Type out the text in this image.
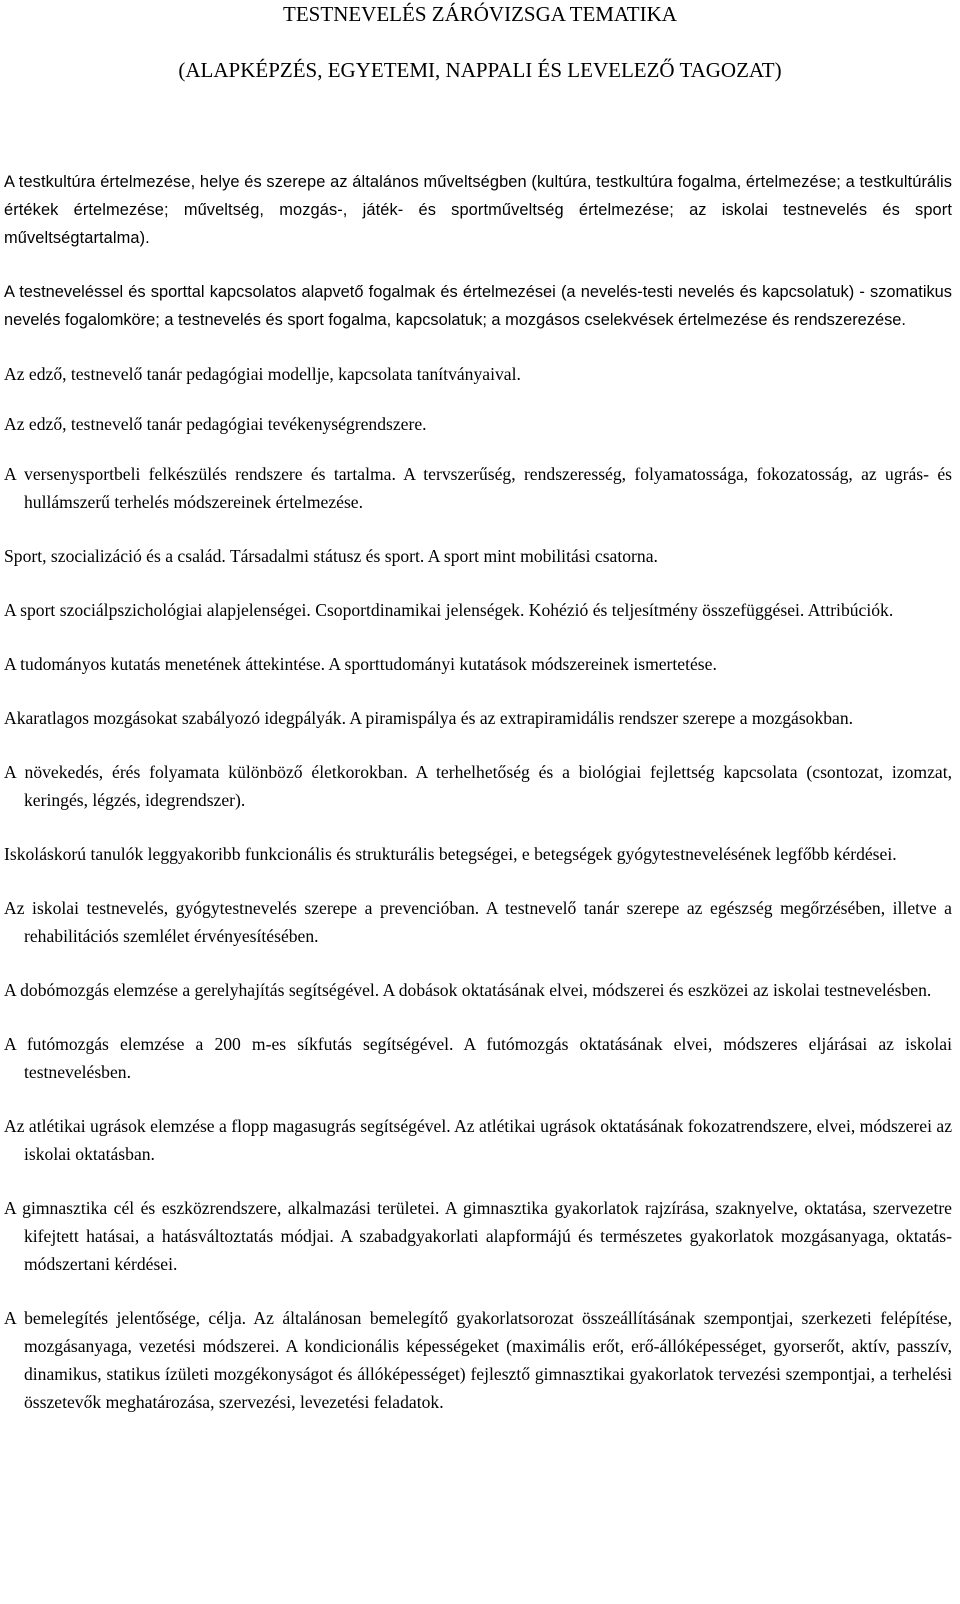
TESTNEVELÉS ZÁRÓVIZSGA TEMATIKA
(ALAPKÉPZÉS, EGYETEMI, NAPPALI ÉS LEVELEZŐ TAGOZAT)

A testkultúra értelmezése, helye és szerepe az általános műveltségben (kultúra, testkultúra fogalma, értelmezése; a testkultúrális értékek értelmezése; műveltség, mozgás-, játék- és sportműveltség értelmezése; az iskolai testnevelés és sport műveltségtartalma).

A testneveléssel és sporttal kapcsolatos alapvető fogalmak és értelmezései (a nevelés-testi nevelés és kapcsolatuk) - szomatikus nevelés fogalomköre; a testnevelés és sport fogalma, kapcsolatuk; a mozgásos cselekvések értelmezése és rendszerezése.

Az edző, testnevelő tanár pedagógiai modellje, kapcsolata tanítványaival.

Az edző, testnevelő tanár pedagógiai tevékenységrendszere.

A versenysportbeli felkészülés rendszere és tartalma. A tervszerűség, rendszeresség, folyamatossága, fokozatosság, az ugrás- és hullámszerű terhelés módszereinek értelmezése.

Sport, szocializáció és a család. Társadalmi státusz és sport. A sport mint mobilitási csatorna.

A sport szociálpszichológiai alapjelenségei. Csoportdinamikai jelenségek. Kohézió és teljesítmény összefüggései. Attribúciók.

A tudományos kutatás menetének áttekintése. A sporttudományi kutatások módszereinek ismertetése.

Akaratlagos mozgásokat szabályozó idegpályák. A piramispálya és az extrapiramidális rendszer szerepe a mozgásokban.

A növekedés, érés folyamata különböző életkorokban. A terhelhetőség és a biológiai fejlettség kapcsolata (csontozat, izomzat, keringés, légzés, idegrendszer).

Iskoláskorú tanulók leggyakoribb funkcionális és strukturális betegségei, e betegségek gyógytestnevelésének legfőbb kérdései.

Az iskolai testnevelés, gyógytestnevelés szerepe a prevencióban. A testnevelő tanár szerepe az egészség megőrzésében, illetve a rehabilitációs szemlélet érvényesítésében.

A dobómozgás elemzése a gerelyhajítás segítségével. A dobások oktatásának elvei, módszerei és eszközei az iskolai testnevelésben.

A futómozgás elemzése a 200 m-es síkfutás segítségével. A futómozgás oktatásának elvei, módszeres eljárásai az iskolai testnevelésben.

Az atlétikai ugrások elemzése a flopp magasugrás segítségével. Az atlétikai ugrások oktatásának fokozatrendszere, elvei, módszerei az iskolai oktatásban.

A gimnasztika cél és eszközrendszere, alkalmazási területei. A gimnasztika gyakorlatok rajzírása, szaknyelve, oktatása, szervezetre kifejtett hatásai, a hatásváltoztatás módjai. A szabadgyakorlati alapformájú és természetes gyakorlatok mozgásanyaga, oktatás-módszertani kérdései.

A bemelegítés jelentősége, célja. Az általánosan bemelegítő gyakorlatsorozat összeállításának szempontjai, szerkezeti felépítése, mozgásanyaga, vezetési módszerei. A kondicionális képességeket (maximális erőt, erő-állóképességet, gyorserőt, aktív, passzív, dinamikus, statikus ízületi mozgékonyságot és állóképességet) fejlesztő gimnasztikai gyakorlatok tervezési szempontjai, a terhelési összetevők meghatározása, szervezési, levezetési feladatok.
